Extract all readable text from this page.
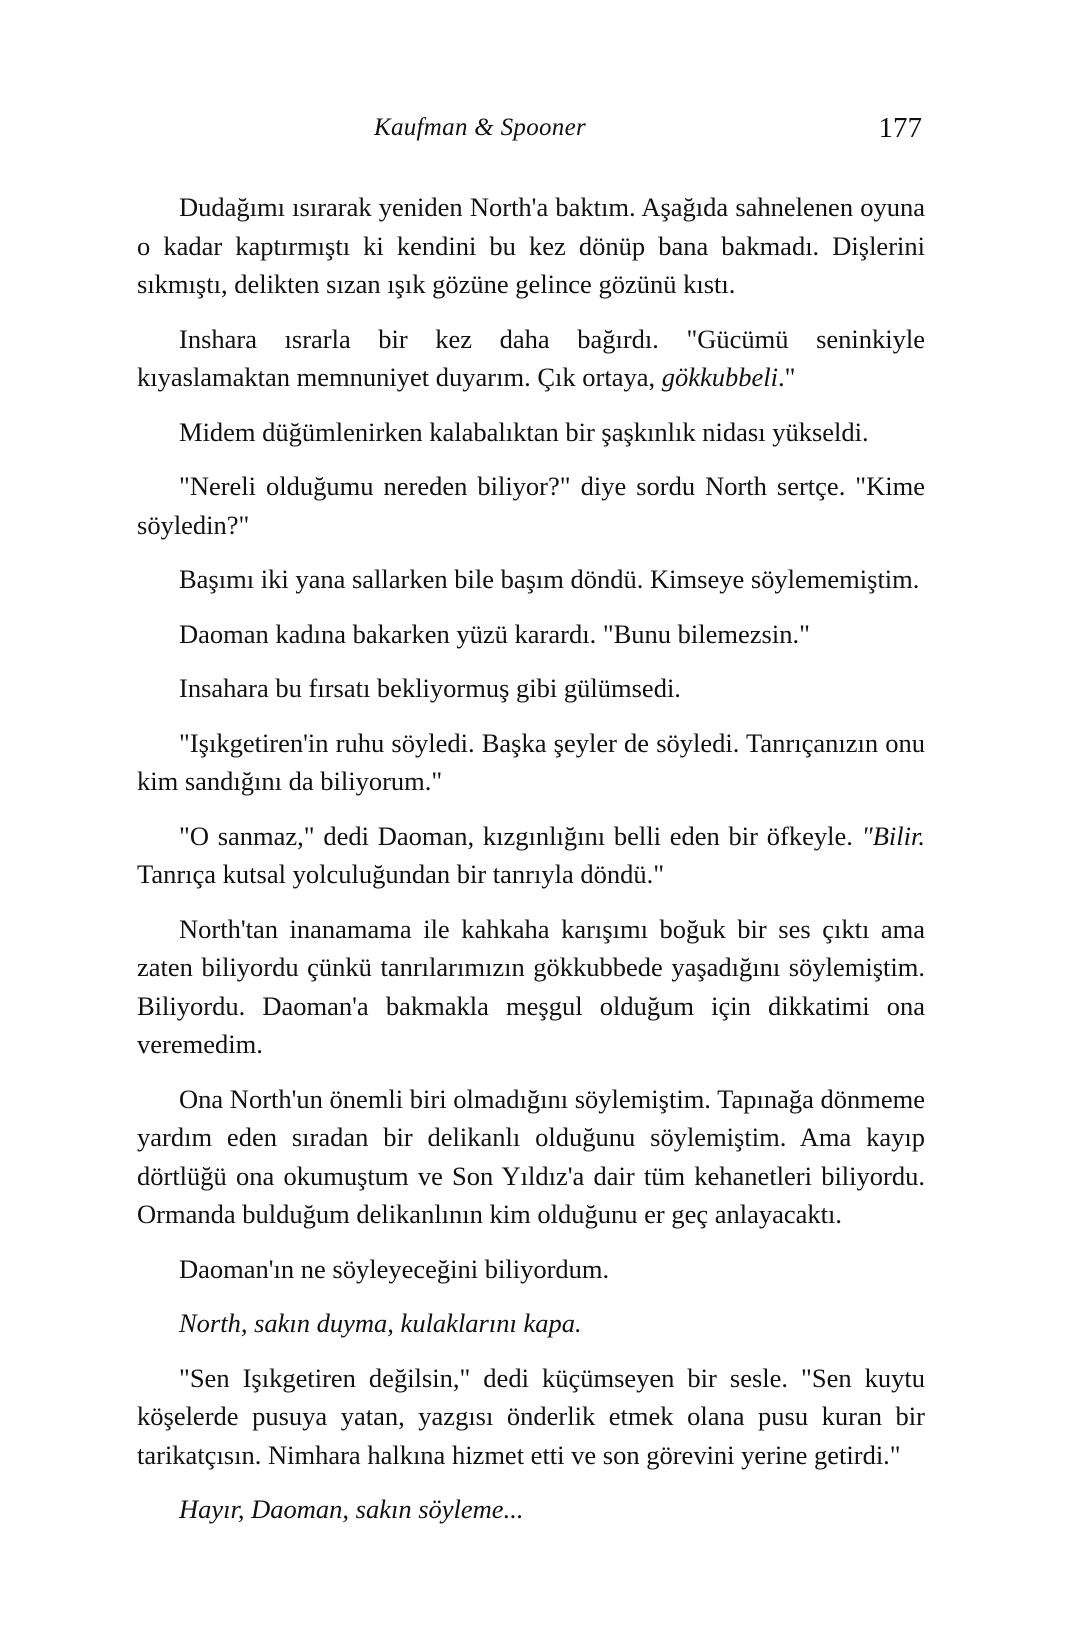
Kaufman & Spooner	177

Dudağımı ısırarak yeniden North'a baktım. Aşağıda sahnelenen oyuna o kadar kaptırmıştı ki kendini bu kez dönüp bana bakmadı. Dişlerini sıkmıştı, delikten sızan ışık gözüne gelince gözünü kıstı.

Inshara ısrarla bir kez daha bağırdı. "Gücümü seninkiyle kıyaslamaktan memnuniyet duyarım. Çık ortaya, gökkubbeli."

Midem düğümlenirken kalabalıktan bir şaşkınlık nidası yükseldi.

"Nereli olduğumu nereden biliyor?" diye sordu North sertçe. "Kime söyledin?"

Başımı iki yana sallarken bile başım döndü. Kimseye söylememiştim.

Daoman kadına bakarken yüzü karardı. "Bunu bilemezsin."

Insahara bu fırsatı bekliyormuş gibi gülümsedi.

"Işıkgetiren'in ruhu söyledi. Başka şeyler de söyledi. Tanrıçanızın onu kim sandığını da biliyorum."

"O sanmaz," dedi Daoman, kızgınlığını belli eden bir öfkeyle. "Bilir. Tanrıça kutsal yolculuğundan bir tanrıyla döndü."

North'tan inanamama ile kahkaha karışımı boğuk bir ses çıktı ama zaten biliyordu çünkü tanrılarımızın gökkubbede yaşadığını söylemiştim. Biliyordu. Daoman'a bakmakla meşgul olduğum için dikkatimi ona veremedim.

Ona North'un önemli biri olmadığını söylemiştim. Tapınağa dönmeme yardım eden sıradan bir delikanlı olduğunu söylemiştim. Ama kayıp dörtlüğü ona okumuştum ve Son Yıldız'a dair tüm kehanetleri biliyordu. Ormanda bulduğum delikanlının kim olduğunu er geç anlayacaktı.

Daoman'ın ne söyleyeceğini biliyordum.

North, sakın duyma, kulaklarını kapa.

"Sen Işıkgetiren değilsin," dedi küçümseyen bir sesle. "Sen kuytu köşelerde pusuya yatan, yazgısı önderlik etmek olana pusu kuran bir tarikatçısın. Nimhara halkına hizmet etti ve son görevini yerine getirdi."

Hayır, Daoman, sakın söyleme...
